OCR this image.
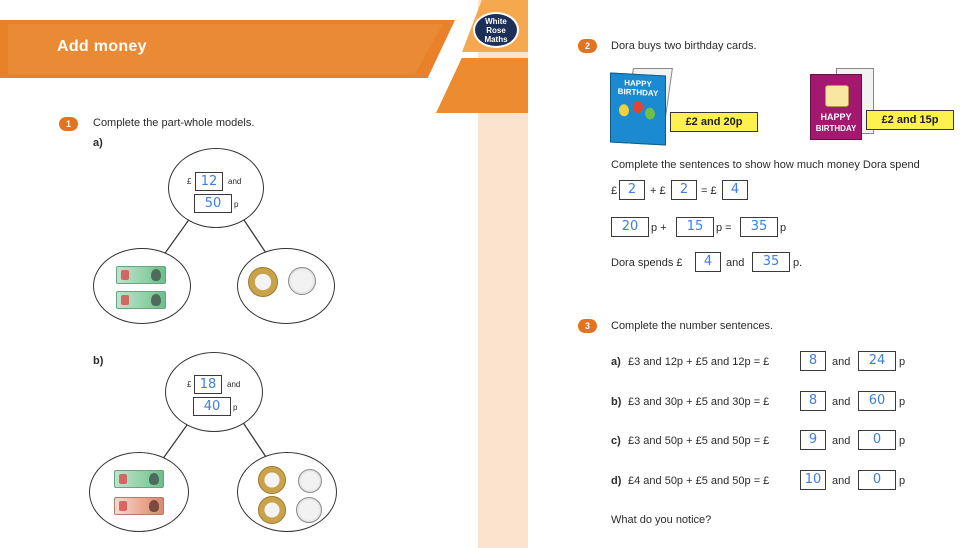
Add money
White
Rose
Maths
1	Complete the part-whole models.
a)
£ 12	and
50	p
b)
£ 18	and
40	p
2	Dora buys two birthday cards.
HAPPY
BIRTHDAY
£2 and 20p	HAPPY
BIRTHDAY
£2 and 15p
Complete the sentences to show how much money Dora spend
£ 2	+ £	2	= £	4
20	p +	15	p =	35	p
Dora spends £	4	and	35	p.
3	Complete the number sentences.
a) £3 and 12p + £5 and 12p = £	8	and	24	p
b) £3 and 30p + £5 and 30p = £	8	and	60	p
c) £3 and 50p + £5 and 50p = £	9	and	0	p
d) £4 and 50p + £5 and 50p = £	10 and	0	p
What do you notice?
